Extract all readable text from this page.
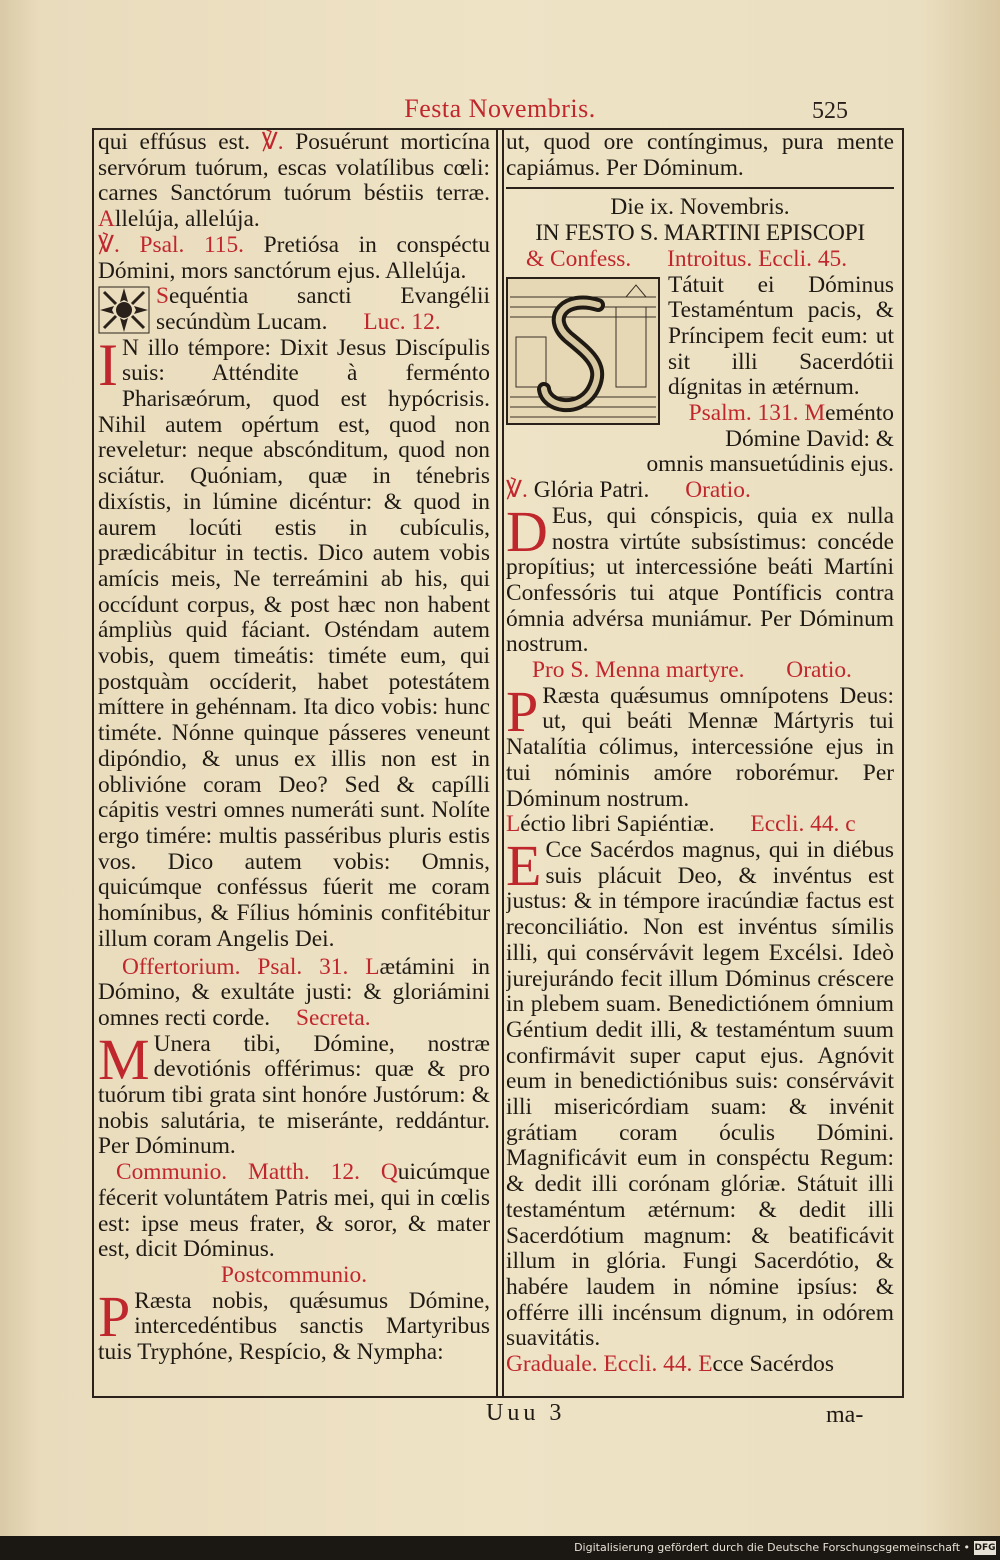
Festa Novembris.	525

qui effúsus est. ℣. Posuérunt morticína servórum tuórum, escas volatílibus cœli: carnes Sanctórum tuórum béstiis terræ. Allelúja, allelúja.

℣. Psal. 115. Pretiósa in conspéctu Dómini, mors sanctórum ejus. Allelúja.

Sequéntia sancti Evangélii secúndùm Lucam. Luc. 12.

I N illo témpore: Dixit Jesus Discípulis suis: Atténdite à ferménto Pharisæórum, quod est hypócrisis. Nihil autem opértum est, quod non reveletur: neque abscónditum, quod non sciátur. Quóniam, quæ in ténebris dixístis, in lúmine dicéntur: & quod in aurem locúti estis in cubículis, prædicábitur in tectis. Dico autem vobis amícis meis, Ne terreámini ab his, qui occídunt corpus, & post hæc non habent ámpliùs quid fáciant. Osténdam autem vobis, quem timeátis: timéte eum, qui postquàm occíderit, habet potestátem míttere in gehénnam. Ita dico vobis: hunc timéte. Nónne quinque pásseres veneunt dipóndio, & unus ex illis non est in oblivióne coram Deo? Sed & capílli cápitis vestri omnes numeráti sunt. Nolíte ergo timére: multis passéribus pluris estis vos. Dico autem vobis: Omnis, quicúmque conféssus fúerit me coram homínibus, & Fílius hóminis confitébitur illum coram Angelis Dei.

Offertorium. Psal. 31. Lætámini in Dómino, & exultáte justi: & gloriámini omnes recti corde. Secreta.

M Unera tibi, Dómine, nostræ devotiónis offérimus: quæ & pro tuórum tibi grata sint honóre Justórum: & nobis salutária, te miseránte, reddántur. Per Dóminum.

Communio. Matth. 12. Quicúmque fécerit voluntátem Patris mei, qui in cœlis est: ipse meus frater, & soror, & mater est, dicit Dóminus.

Postcommunio.

P Ræsta nobis, quǽsumus Dómine, intercedéntibus sanctis Martyribus tuis Tryphóne, Respício, & Nympha:

ut, quod ore contíngimus, pura mente capiámus. Per Dóminum.

Die ix. Novembris.

IN FESTO S. MARTINI EPISCOPI

& Confess. Introitus. Eccli. 45.

Tátuit ei Dóminus Testaméntum pacis, & Príncipem fecit eum: ut sit illi Sacerdótii dígnitas in ætérnum.

Psalm. 131. Meménto Dómine David: & omnis mansuetúdinis ejus.

℣. Glória Patri. Oratio.

D Eus, qui cónspicis, quia ex nulla nostra virtúte subsístimus: concéde propítius; ut intercessióne beáti Martíni Confessóris tui atque Pontíficis contra ómnia advérsa muniámur. Per Dóminum nostrum.

Pro S. Menna martyre. Oratio.

P Ræsta quǽsumus omnípotens Deus: ut, qui beáti Mennæ Mártyris tui Natalítia cólimus, intercessióne ejus in tui nóminis amóre roborémur. Per Dóminum nostrum.

Léctio libri Sapiéntiæ. Eccli. 44. c

E Cce Sacérdos magnus, qui in diébus suis plácuit Deo, & invéntus est justus: & in témpore iracúndiæ factus est reconciliátio. Non est invéntus símilis illi, qui consérvávit legem Excélsi. Ideò jurejurándo fecit illum Dóminus créscere in plebem suam. Benedictiónem ómnium Géntium dedit illi, & testaméntum suum confirmávit super caput ejus. Agnóvit eum in benedictiónibus suis: consérvávit illi misericórdiam suam: & invénit grátiam coram óculis Dómini. Magnificávit eum in conspéctu Regum: & dedit illi corónam glóriæ. Státuit illi testaméntum ætérnum: & dedit illi Sacerdótium magnum: & beatificávit illum in glória. Fungi Sacerdótio, & habére laudem in nómine ipsíus: & offérre illi incénsum dignum, in odórem suavitátis.

Graduale. Eccli. 44. Ecce Sacérdos

Uuu 3	ma-
Digitalisierung gefördert durch die Deutsche Forschungsgemeinschaft • DFG
